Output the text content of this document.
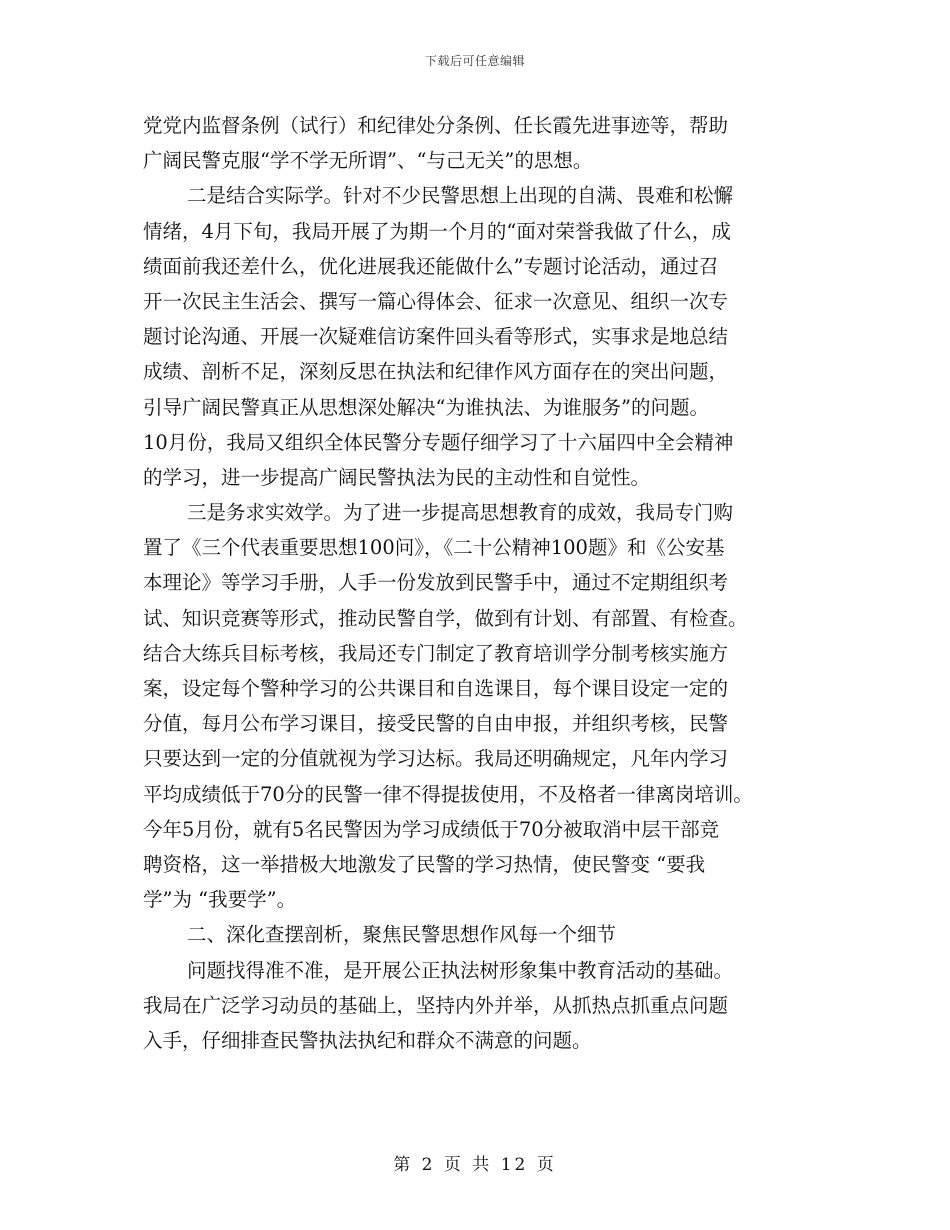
下载后可任意编辑
党党内监督条例（试行）和纪律处分条例、任长霞先进事迹等，帮助
广阔民警克服“学不学无所谓”、“与己无关”的思想。
二是结合实际学。针对不少民警思想上出现的自满、畏难和松懈
情绪，4月下旬，我局开展了为期一个月的“面对荣誉我做了什么，成
绩面前我还差什么，优化进展我还能做什么”专题讨论活动，通过召
开一次民主生活会、撰写一篇心得体会、征求一次意见、组织一次专
题讨论沟通、开展一次疑难信访案件回头看等形式，实事求是地总结
成绩、剖析不足，深刻反思在执法和纪律作风方面存在的突出问题，
引导广阔民警真正从思想深处解决“为谁执法、为谁服务”的问题。
10月份，我局又组织全体民警分专题仔细学习了十六届四中全会精神
的学习，进一步提高广阔民警执法为民的主动性和自觉性。
三是务求实效学。为了进一步提高思想教育的成效，我局专门购
置了《三个代表重要思想100问》，《二十公精神100题》和《公安基
本理论》等学习手册，人手一份发放到民警手中，通过不定期组织考
试、知识竞赛等形式，推动民警自学，做到有计划、有部置、有检查。
结合大练兵目标考核，我局还专门制定了教育培训学分制考核实施方
案，设定每个警种学习的公共课目和自选课目，每个课目设定一定的
分值，每月公布学习课目，接受民警的自由申报，并组织考核，民警
只要达到一定的分值就视为学习达标。我局还明确规定，凡年内学习
平均成绩低于70分的民警一律不得提拔使用，不及格者一律离岗培训。
今年5月份，就有5名民警因为学习成绩低于70分被取消中层干部竞
聘资格，这一举措极大地激发了民警的学习热情，使民警变 “要我
学”为 “我要学”。
二、深化查摆剖析，聚焦民警思想作风每一个细节
问题找得准不准，是开展公正执法树形象集中教育活动的基础。
我局在广泛学习动员的基础上，坚持内外并举，从抓热点抓重点问题
入手，仔细排查民警执法执纪和群众不满意的问题。
第 2 页 共 12 页
